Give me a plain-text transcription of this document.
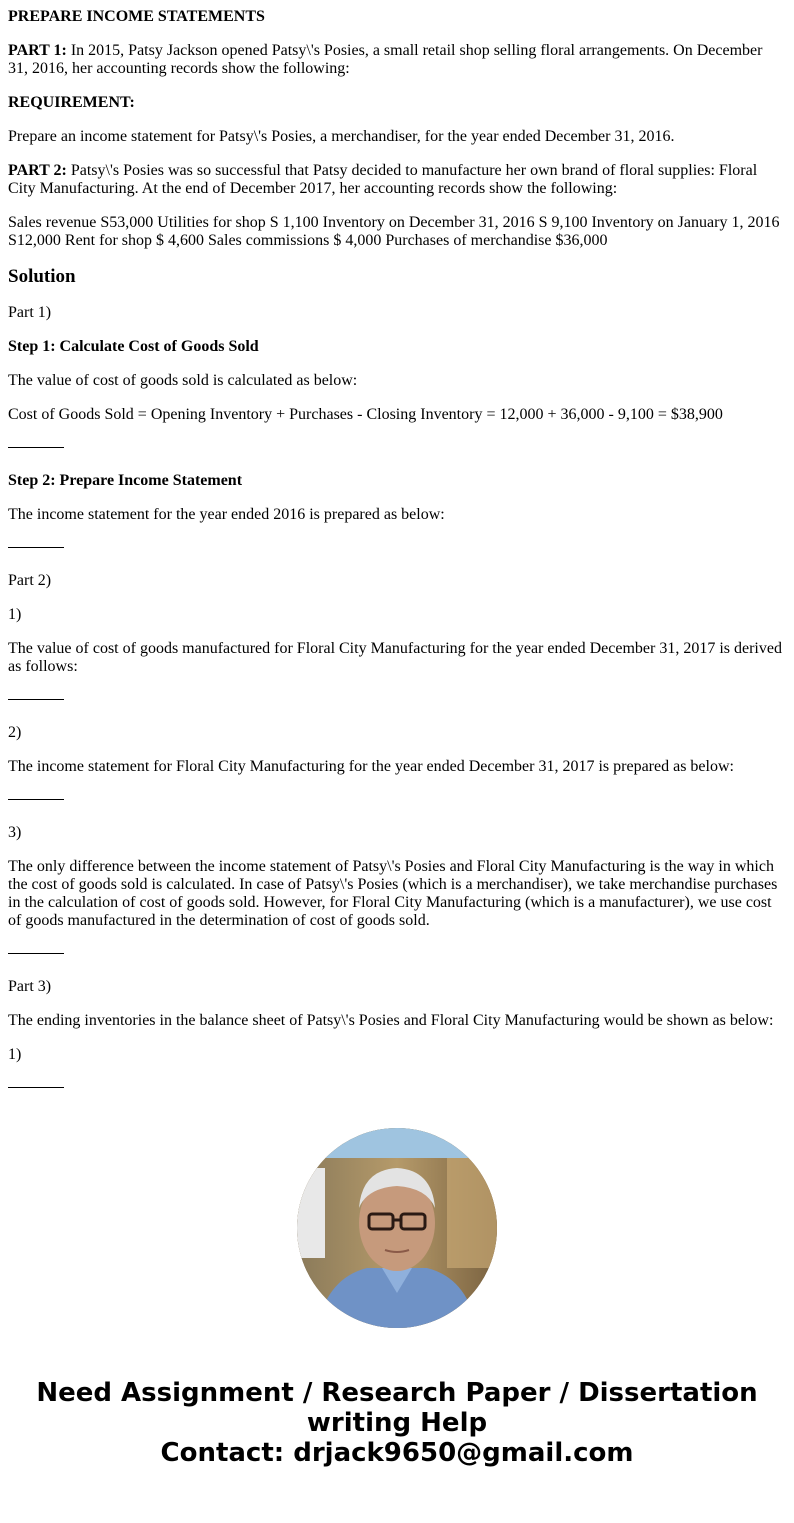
PREPARE INCOME STATEMENTS

PART 1: In 2015, Patsy Jackson opened Patsy\'s Posies, a small retail shop selling floral arrangements. On December 31, 2016, her accounting records show the following:

REQUIREMENT:

Prepare an income statement for Patsy\'s Posies, a merchandiser, for the year ended December 31, 2016.

PART 2: Patsy\'s Posies was so successful that Patsy decided to manufacture her own brand of floral supplies: Floral City Manufacturing. At the end of December 2017, her accounting records show the following:

Sales revenue S53,000 Utilities for shop S 1,100 Inventory on December 31, 2016 S 9,100 Inventory on January 1, 2016 S12,000 Rent for shop $ 4,600 Sales commissions $ 4,000 Purchases of merchandise $36,000

Solution

Part 1)

Step 1: Calculate Cost of Goods Sold

The value of cost of goods sold is calculated as below:

Cost of Goods Sold = Opening Inventory + Purchases - Closing Inventory = 12,000 + 36,000 - 9,100 = $38,900

Step 2: Prepare Income Statement

The income statement for the year ended 2016 is prepared as below:

Part 2)

1)

The value of cost of goods manufactured for Floral City Manufacturing for the year ended December 31, 2017 is derived as follows:

2)

The income statement for Floral City Manufacturing for the year ended December 31, 2017 is prepared as below:

3)

The only difference between the income statement of Patsy\'s Posies and Floral City Manufacturing is the way in which the cost of goods sold is calculated. In case of Patsy\'s Posies (which is a merchandiser), we take merchandise purchases in the calculation of cost of goods sold. However, for Floral City Manufacturing (which is a manufacturer), we use cost of goods manufactured in the determination of cost of goods sold.

Part 3)

The ending inventories in the balance sheet of Patsy\'s Posies and Floral City Manufacturing would be shown as below:

1)

Need Assignment / Research Paper / Dissertation writing Help
Contact: drjack9650@gmail.com
